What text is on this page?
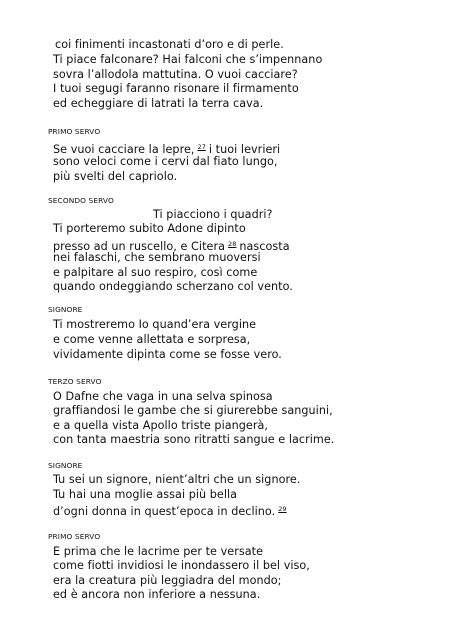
coi finimenti incastonati d’oro e di perle.
Ti piace falconare? Hai falconi che s’impennano
sovra l’allodola mattutina. O vuoi cacciare?
I tuoi segugi faranno risonare il firmamento
ed echeggiare di latrati la terra cava.
PRIMO SERVO
Se vuoi cacciare la lepre, $^{27}$ i tuoi levrieri
sono veloci come i cervi dal fiato lungo,
più svelti del capriolo.
SECONDO SERVO
Ti piacciono i quadri?
Ti porteremo subito Adone dipinto
presso ad un ruscello, e Citera $^{28}$ nascosta
nei falaschi, che sembrano muoversi
e palpitare al suo respiro, così come
quando ondeggiando scherzano col vento.
SIGNORE
Ti mostreremo Io quand’era vergine
e come venne allettata e sorpresa,
vividamente dipinta come se fosse vero.
TERZO SERVO
O Dafne che vaga in una selva spinosa
graffiandosi le gambe che si giurerebbe sanguini,
e a quella vista Apollo triste piangerà,
con tanta maestria sono ritratti sangue e lacrime.
SIGNORE
Tu sei un signore, nient’altri che un signore.
Tu hai una moglie assai più bella
d’ogni donna in quest’epoca in declino. $^{29}$
PRIMO SERVO
E prima che le lacrime per te versate
come fiotti invidiosi le inondassero il bel viso,
era la creatura più leggiadra del mondo;
ed è ancora non inferiore a nessuna.
